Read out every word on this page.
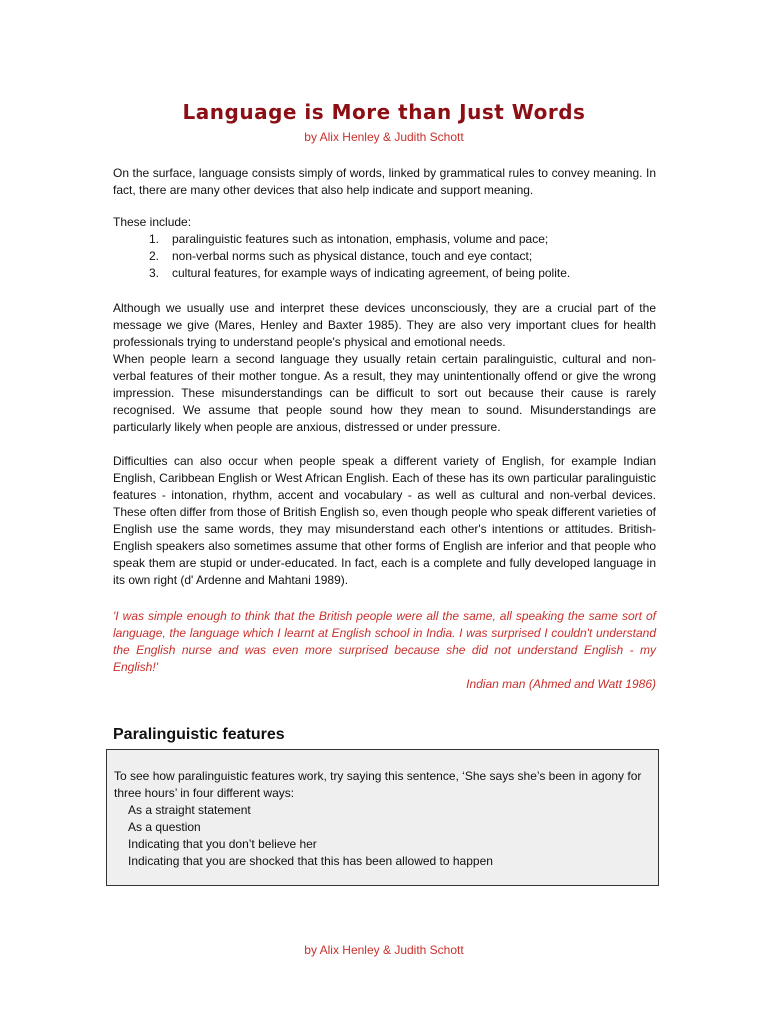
Language is More than Just Words
by Alix Henley & Judith Schott

On the surface, language consists simply of words, linked by grammatical rules to convey meaning. In fact, there are many other devices that also help indicate and support meaning.

These include:

1. paralinguistic features such as intonation, emphasis, volume and pace;
2. non-verbal norms such as physical distance, touch and eye contact;
3. cultural features, for example ways of indicating agreement, of being polite.
Although we usually use and interpret these devices unconsciously, they are a crucial part of the message we give (Mares, Henley and Baxter 1985). They are also very important clues for health professionals trying to understand people's physical and emotional needs.
When people learn a second language they usually retain certain paralinguistic, cultural and non-verbal features of their mother tongue. As a result, they may unintentionally offend or give the wrong impression. These misunderstandings can be difficult to sort out because their cause is rarely recognised. We assume that people sound how they mean to sound. Misunderstandings are particularly likely when people are anxious, distressed or under pressure.

Difficulties can also occur when people speak a different variety of English, for example Indian English, Caribbean English or West African English. Each of these has its own particular paralinguistic features - intonation, rhythm, accent and vocabulary - as well as cultural and non-verbal devices. These often differ from those of British English so, even though people who speak different varieties of English use the same words, they may misunderstand each other's intentions or attitudes. British-English speakers also sometimes assume that other forms of English are inferior and that people who speak them are stupid or under-educated. In fact, each is a complete and fully developed language in its own right (d' Ardenne and Mahtani 1989).

'I was simple enough to think that the British people were all the same, all speaking the same sort of language, the language which I learnt at English school in India. I was surprised I couldn't understand the English nurse and was even more surprised because she did not understand English - my English!'

Indian man (Ahmed and Watt 1986)
Paralinguistic features

To see how paralinguistic features work, try saying this sentence, ‘She says she’s been in agony for three hours’ in four different ways:

As a straight statement
As a question
Indicating that you don’t believe her
Indicating that you are shocked that this has been allowed to happen
by Alix Henley & Judith Schott
